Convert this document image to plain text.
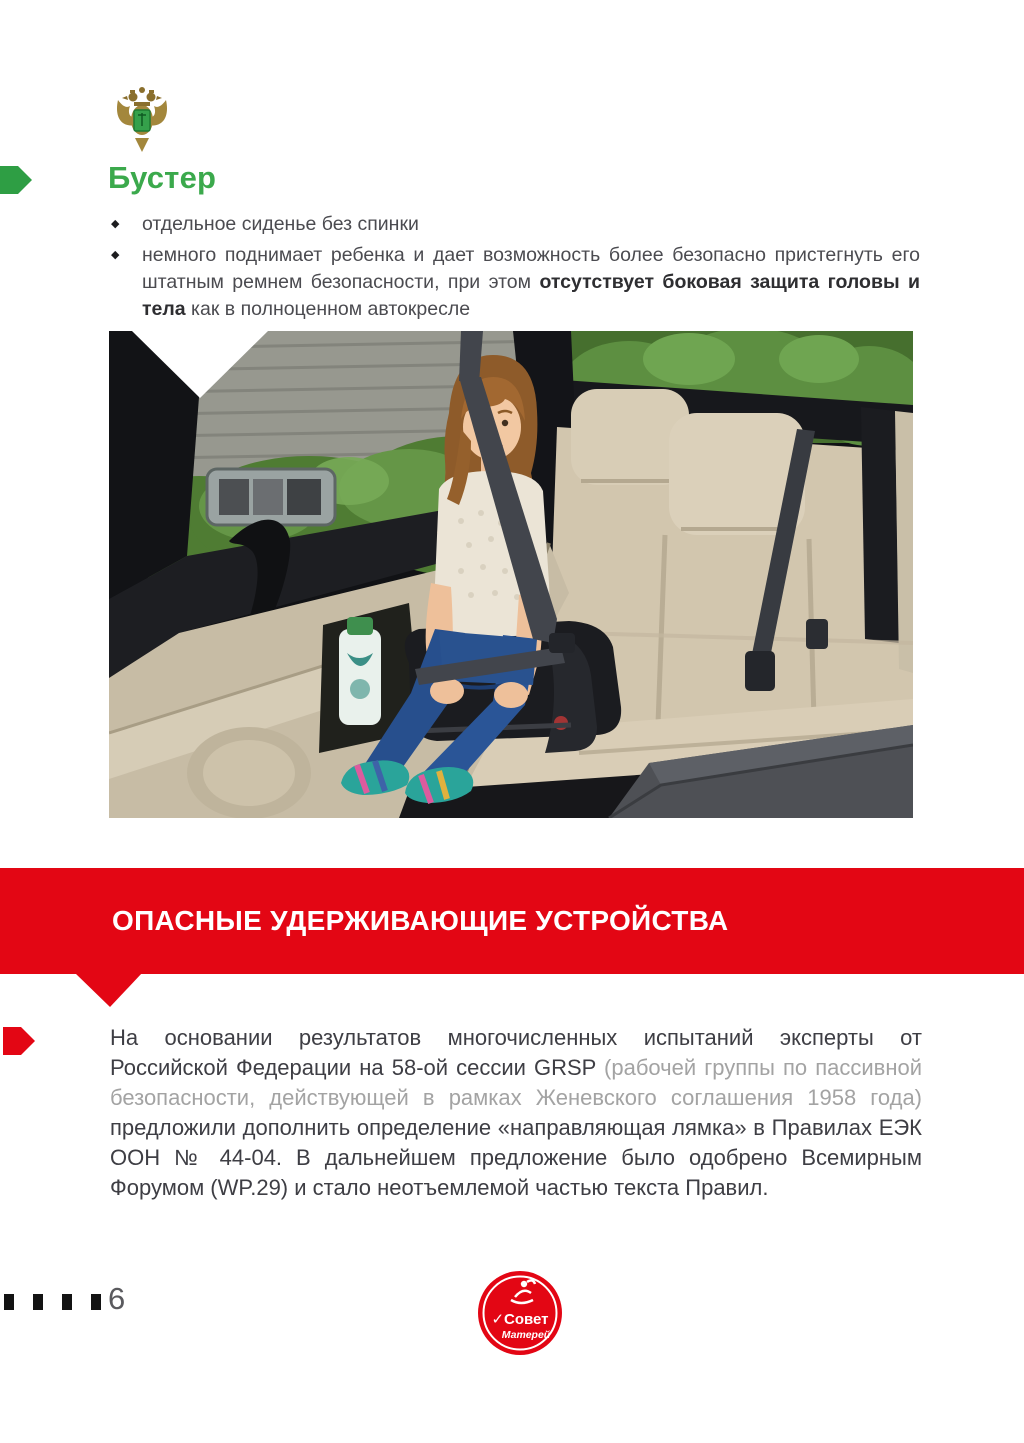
Бустер
◆	отдельное сиденье без спинки
◆	немного поднимает ребенка и дает возможность более безопасно пристегнуть его штатным ремнем безопасности, при этом отсутствует боковая защита головы и тела как в полноценном автокресле
ОПАСНЫЕ УДЕРЖИВАЮЩИЕ УСТРОЙСТВА

На основании результатов многочисленных испытаний эксперты от Российской Федерации на 58-ой сессии GRSP (рабочей группы по пассивной безопасности, действующей в рамках Женевского соглашения 1958 года) предложили дополнить определение «направляющая лямка» в Правилах ЕЭК ООН № 44-04. В дальнейшем предложение было одобрено Всемирным Форумом (WP.29) и стало неотъемлемой частью текста Правил.

6
✓Совет
Матерей
